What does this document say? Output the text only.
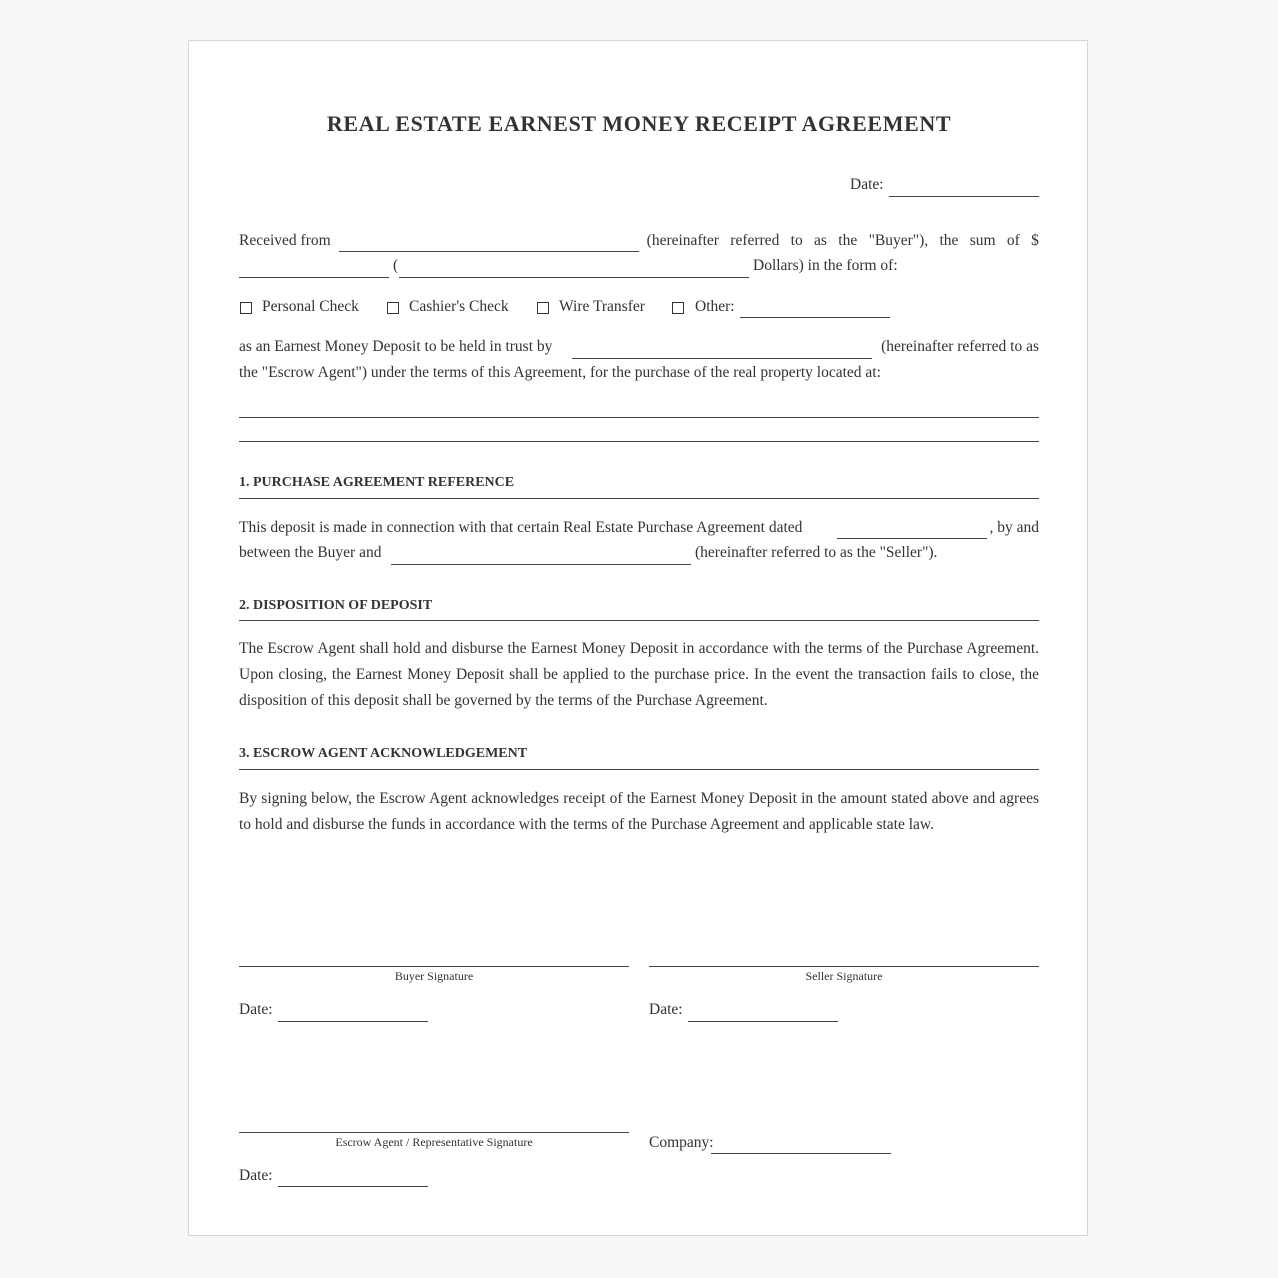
REAL ESTATE EARNEST MONEY RECEIPT AGREEMENT
Date:
Received from	(hereinafter referred to as the "Buyer"), the sum of $
(	Dollars) in the form of:
Personal Check	Cashier's Check	Wire Transfer	Other:
as an Earnest Money Deposit to be held in trust by	(hereinafter referred to as
the "Escrow Agent") under the terms of this Agreement, for the purchase of the real property located at:
1. PURCHASE AGREEMENT REFERENCE
This deposit is made in connection with that certain Real Estate Purchase Agreement dated	, by and
between the Buyer and	(hereinafter referred to as the "Seller").
2. DISPOSITION OF DEPOSIT
The Escrow Agent shall hold and disburse the Earnest Money Deposit in accordance with the terms of the Purchase Agreement. Upon closing, the Earnest Money Deposit shall be applied to the purchase price. In the event the transaction fails to close, the disposition of this deposit shall be governed by the terms of the Purchase Agreement.
3. ESCROW AGENT ACKNOWLEDGEMENT
By signing below, the Escrow Agent acknowledges receipt of the Earnest Money Deposit in the amount stated above and agrees to hold and disburse the funds in accordance with the terms of the Purchase Agreement and applicable state law.
Buyer Signature	Seller Signature
Date:	Date:
Escrow Agent / Representative Signature	Company:
Date:
